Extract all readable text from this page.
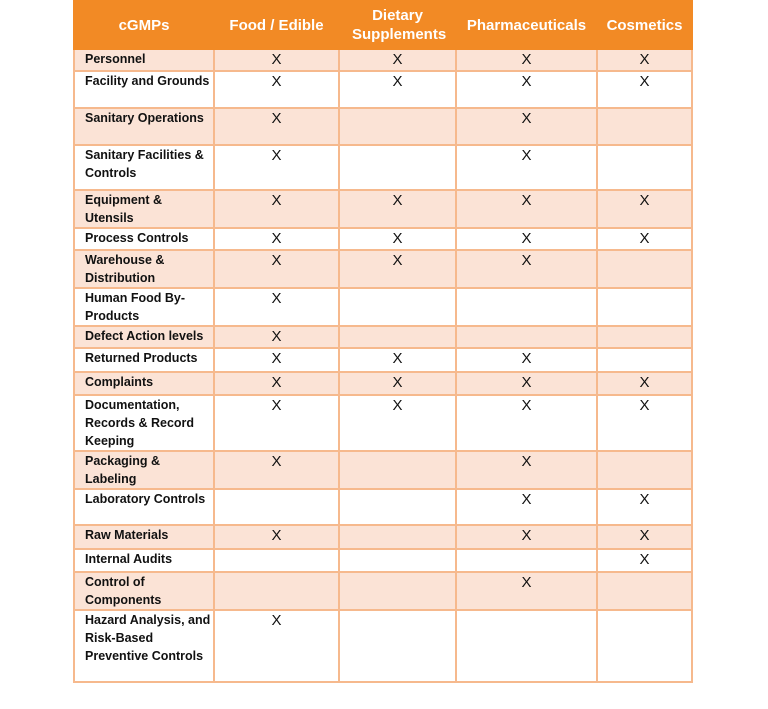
cGMPs	Food / Edible	Dietary Supplements	Pharmaceuticals	Cosmetics
Personnel	X	X	X	X
Facility and Grounds	X	X	X	X
Sanitary Operations	X		X	
Sanitary Facilities & Controls	X		X	
Equipment & Utensils	X	X	X	X
Process Controls	X	X	X	X
Warehouse & Distribution	X	X	X	
Human Food By-Products	X			
Defect Action levels	X			
Returned Products	X	X	X	
Complaints	X	X	X	X
Documentation, Records & Record Keeping	X	X	X	X
Packaging & Labeling	X		X	
Laboratory Controls			X	X
Raw Materials	X		X	X
Internal Audits				X
Control of Components			X	
Hazard Analysis, and Risk-Based Preventive Controls	X			
